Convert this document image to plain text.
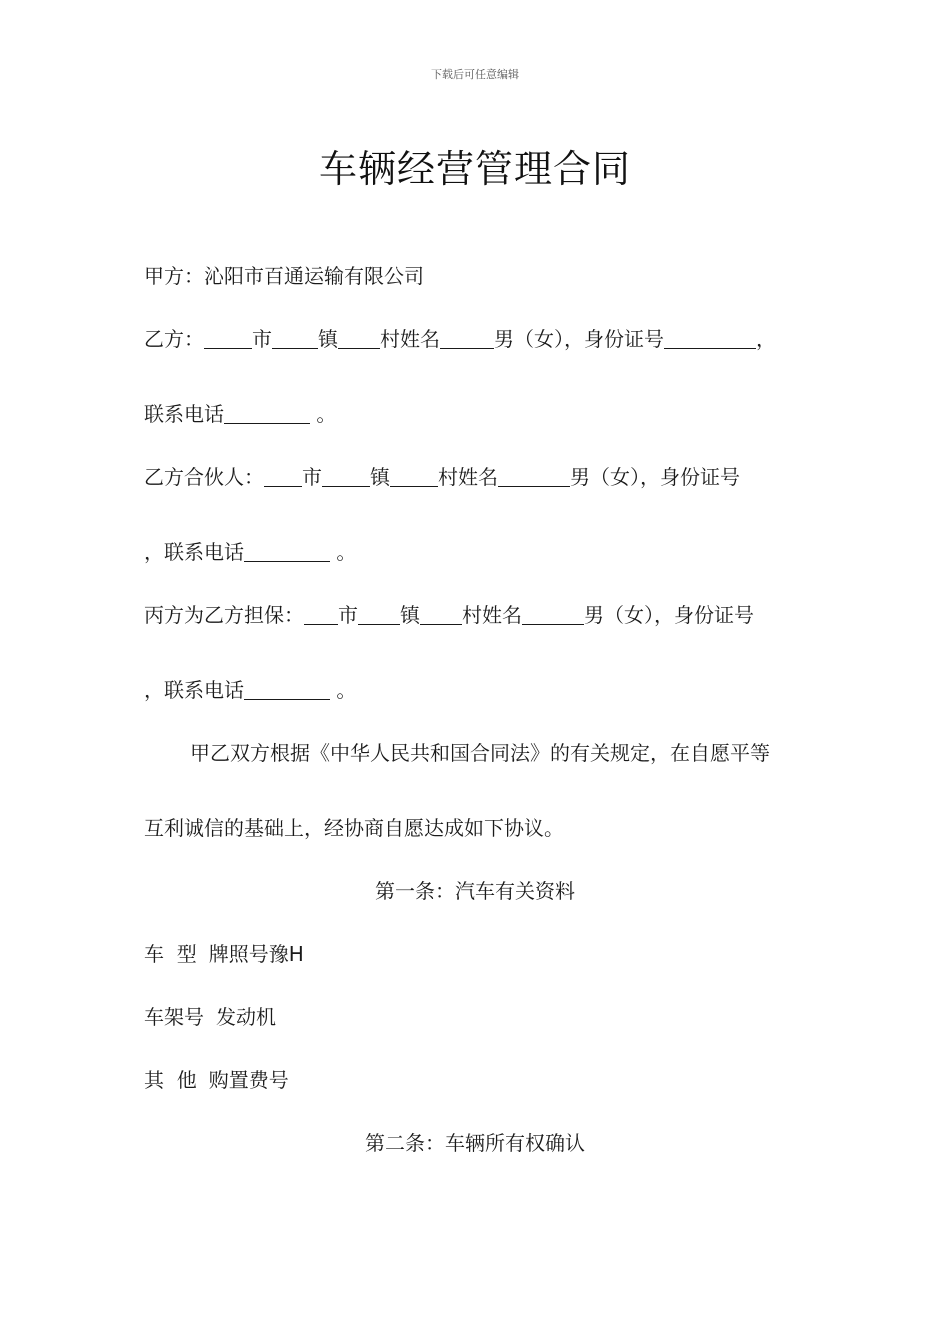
下载后可任意编辑
车辆经营管理合同
甲方：沁阳市百通运输有限公司
乙方： 市 镇 村姓名	男（女），身份证号	，
联系电话	。
乙方合伙人： 市 镇 村姓名	男（女），身份证号
，联系电话	。
丙方为乙方担保： 市 镇 村姓名	男（女），身份证号
，联系电话	。
甲乙双方根据《中华人民共和国合同法》的有关规定，在自愿平等
互利诚信的基础上，经协商自愿达成如下协议。
第一条：汽车有关资料
车  型 牌照号豫H
车架号 发动机
其  他 购置费号
第二条：车辆所有权确认
